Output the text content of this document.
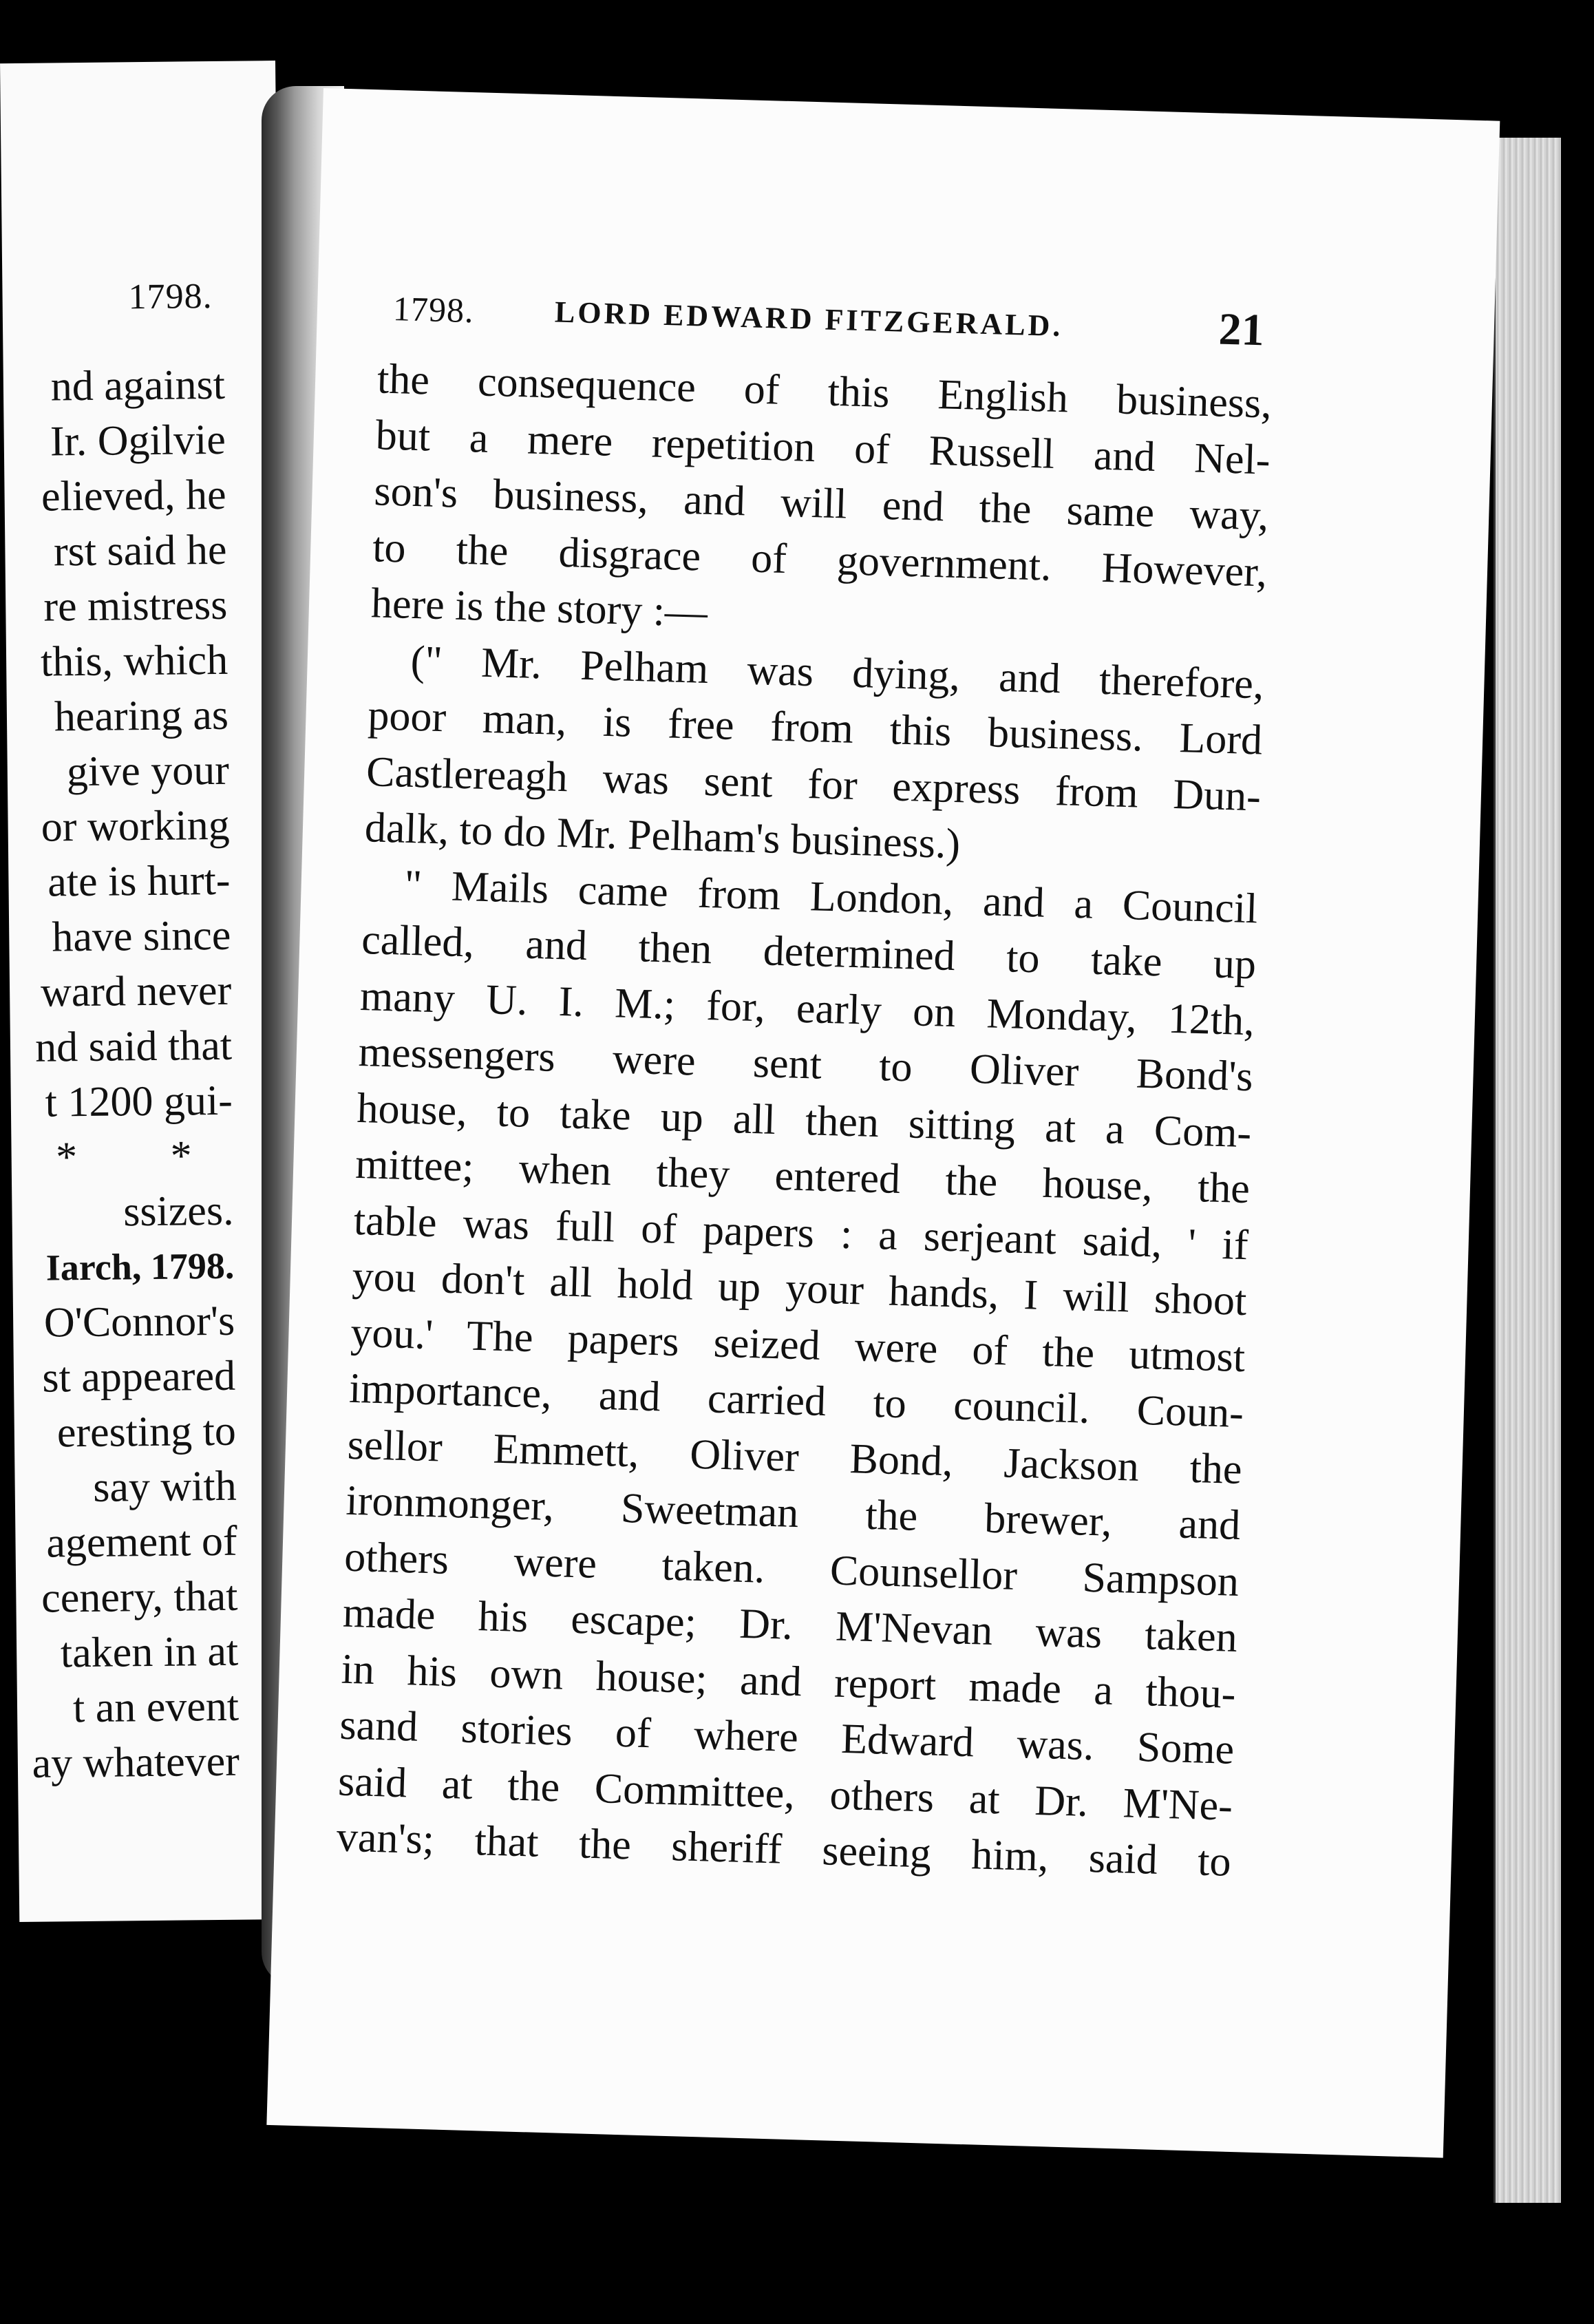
1798.
nd against
Ir. Ogilvie
elieved, he
rst said he
re mistress
this, which
hearing as
give your
or working
ate is hurt-
have since
ward never
nd said that
t 1200 gui-
* *
ssizes.
Iarch, 1798.
O'Connor's
st appeared
eresting to
say with
agement of
cenery, that
taken in at
t an event
ay whatever
1798.	LORD EDWARD FITZGERALD.	21
the consequence of this English business,
but a mere repetition of Russell and Nel-
son's business, and will end the same way,
to the disgrace of government. However,
here is the story :—
(" Mr. Pelham was dying, and therefore,
poor man, is free from this business. Lord
Castlereagh was sent for express from Dun-
dalk, to do Mr. Pelham's business.)
" Mails came from London, and a Council
called, and then determined to take up
many U. I. M.; for, early on Monday, 12th,
messengers were sent to Oliver Bond's
house, to take up all then sitting at a Com-
mittee; when they entered the house, the
table was full of papers : a serjeant said, ' if
you don't all hold up your hands, I will shoot
you.' The papers seized were of the utmost
importance, and carried to council. Coun-
sellor Emmett, Oliver Bond, Jackson the
ironmonger, Sweetman the brewer, and
others were taken. Counsellor Sampson
made his escape; Dr. M'Nevan was taken
in his own house; and report made a thou-
sand stories of where Edward was. Some
said at the Committee, others at Dr. M'Ne-
van's; that the sheriff seeing him, said to
